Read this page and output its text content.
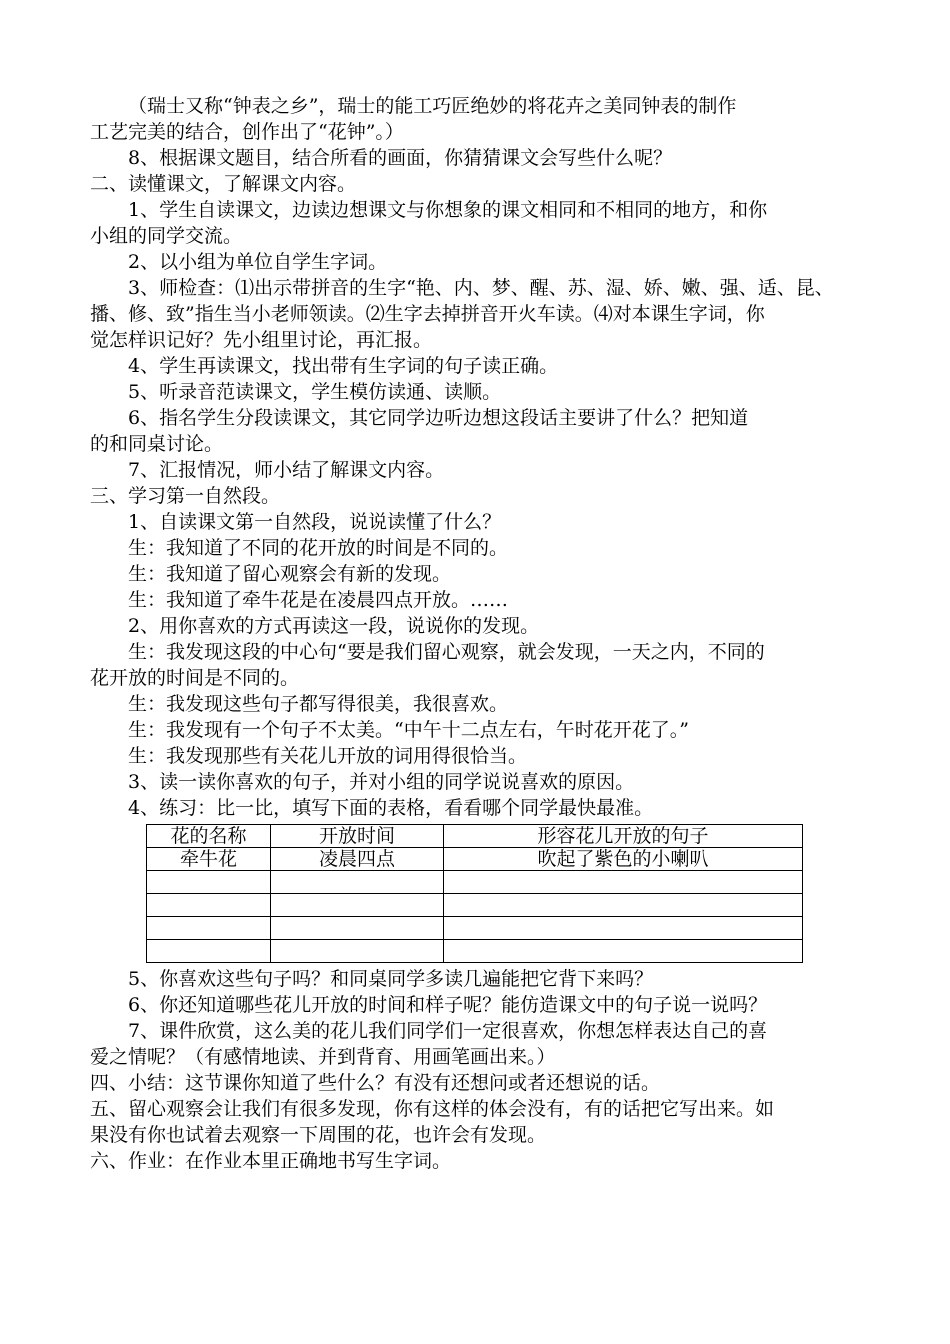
（瑞士又称“钟表之乡”，瑞士的能工巧匠绝妙的将花卉之美同钟表的制作

工艺完美的结合，创作出了“花钟”。）

8、根据课文题目，结合所看的画面，你猜猜课文会写些什么呢？

二、读懂课文，了解课文内容。

1、学生自读课文，边读边想课文与你想象的课文相同和不相同的地方，和你

小组的同学交流。

2、以小组为单位自学生字词。

3、师检查：⑴出示带拼音的生字“艳、内、梦、醒、苏、湿、娇、嫩、强、适、昆、

播、修、致”指生当小老师领读。⑵生字去掉拼音开火车读。⑷对本课生字词，你

觉怎样识记好？先小组里讨论，再汇报。

4、学生再读课文，找出带有生字词的句子读正确。

5、听录音范读课文，学生模仿读通、读顺。

6、指名学生分段读课文，其它同学边听边想这段话主要讲了什么？把知道

的和同桌讨论。

7、汇报情况，师小结了解课文内容。

三、学习第一自然段。

1、自读课文第一自然段，说说读懂了什么？

生：我知道了不同的花开放的时间是不同的。

生：我知道了留心观察会有新的发现。

生：我知道了牵牛花是在凌晨四点开放。……

2、用你喜欢的方式再读这一段，说说你的发现。

生：我发现这段的中心句“要是我们留心观察，就会发现，一天之内，不同的

花开放的时间是不同的。

生：我发现这些句子都写得很美，我很喜欢。

生：我发现有一个句子不太美。“中午十二点左右，午时花开花了。”

生：我发现那些有关花儿开放的词用得很恰当。

3、读一读你喜欢的句子，并对小组的同学说说喜欢的原因。

4、练习：比一比，填写下面的表格，看看哪个同学最快最准。

花的名称	开放时间	形容花儿开放的句子
牵牛花	凌晨四点	吹起了紫色的小喇叭

5、你喜欢这些句子吗？和同桌同学多读几遍能把它背下来吗？

6、你还知道哪些花儿开放的时间和样子呢？能仿造课文中的句子说一说吗？

7、课件欣赏，这么美的花儿我们同学们一定很喜欢，你想怎样表达自己的喜

爱之情呢？（有感情地读、并到背育、用画笔画出来。）

四、小结：这节课你知道了些什么？有没有还想问或者还想说的话。

五、留心观察会让我们有很多发现，你有这样的体会没有，有的话把它写出来。如

果没有你也试着去观察一下周围的花，也许会有发现。

六、作业：在作业本里正确地书写生字词。
